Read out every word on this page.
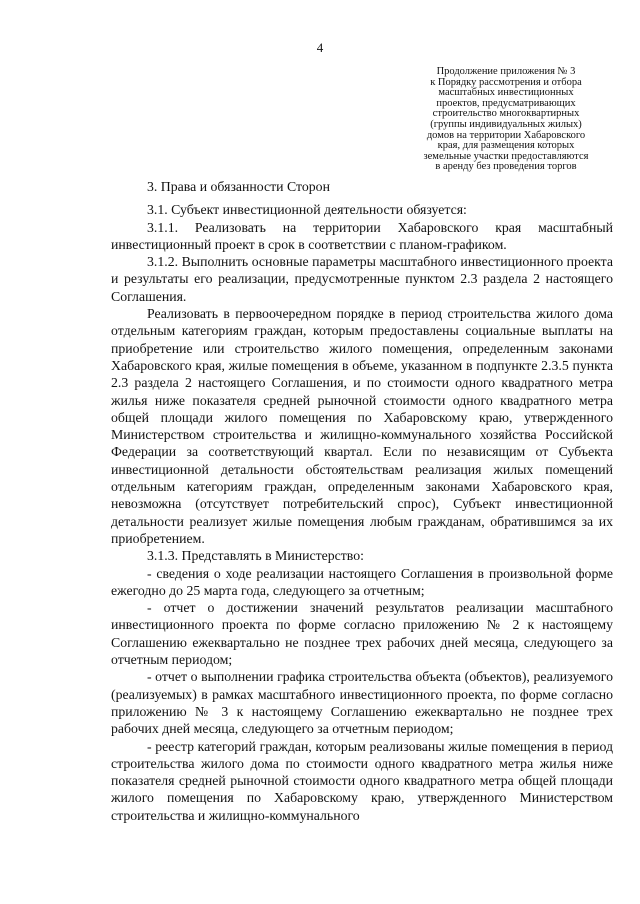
4
Продолжение приложения № 3
к Порядку рассмотрения и отбора
масштабных инвестиционных
проектов, предусматривающих
строительство многоквартирных
(группы индивидуальных жилых)
домов на территории Хабаровского
края, для размещения которых
земельные участки предоставляются
в аренду без проведения торгов

3. Права и обязанности Сторон

3.1. Субъект инвестиционной деятельности обязуется:

3.1.1. Реализовать на территории Хабаровского края масштабный инвестиционный проект в срок в соответствии с планом-графиком.

3.1.2. Выполнить основные параметры масштабного инвестиционного проекта и результаты его реализации, предусмотренные пунктом 2.3 раздела 2 настоящего Соглашения.

Реализовать в первоочередном порядке в период строительства жилого дома отдельным категориям граждан, которым предоставлены социальные выплаты на приобретение или строительство жилого помещения, определенным законами Хабаровского края, жилые помещения в объеме, указанном в подпункте 2.3.5 пункта 2.3 раздела 2 настоящего Соглашения, и по стоимости одного квадратного метра жилья ниже показателя средней рыночной стоимости одного квадратного метра общей площади жилого помещения по Хабаровскому краю, утвержденного Министерством строительства и жилищно-коммунального хозяйства Российской Федерации за соответствующий квартал. Если по независящим от Субъекта инвестиционной детальности обстоятельствам реализация жилых помещений отдельным категориям граждан, определенным законами Хабаровского края, невозможна (отсутствует потребительский спрос), Субъект инвестиционной детальности реализует жилые помещения любым гражданам, обратившимся за их приобретением.

3.1.3. Представлять в Министерство:

- сведения о ходе реализации настоящего Соглашения в произвольной форме ежегодно до 25 марта года, следующего за отчетным;

- отчет о достижении значений результатов реализации масштабного инвестиционного проекта по форме согласно приложению № 2 к настоящему Соглашению ежеквартально не позднее трех рабочих дней месяца, следующего за отчетным периодом;

- отчет о выполнении графика строительства объекта (объектов), реализуемого (реализуемых) в рамках масштабного инвестиционного проекта, по форме согласно приложению № 3 к настоящему Соглашению ежеквартально не позднее трех рабочих дней месяца, следующего за отчетным периодом;

- реестр категорий граждан, которым реализованы жилые помещения в период строительства жилого дома по стоимости одного квадратного метра жилья ниже показателя средней рыночной стоимости одного квадратного метра общей площади жилого помещения по Хабаровскому краю, утвержденного Министерством строительства и жилищно-коммунального
